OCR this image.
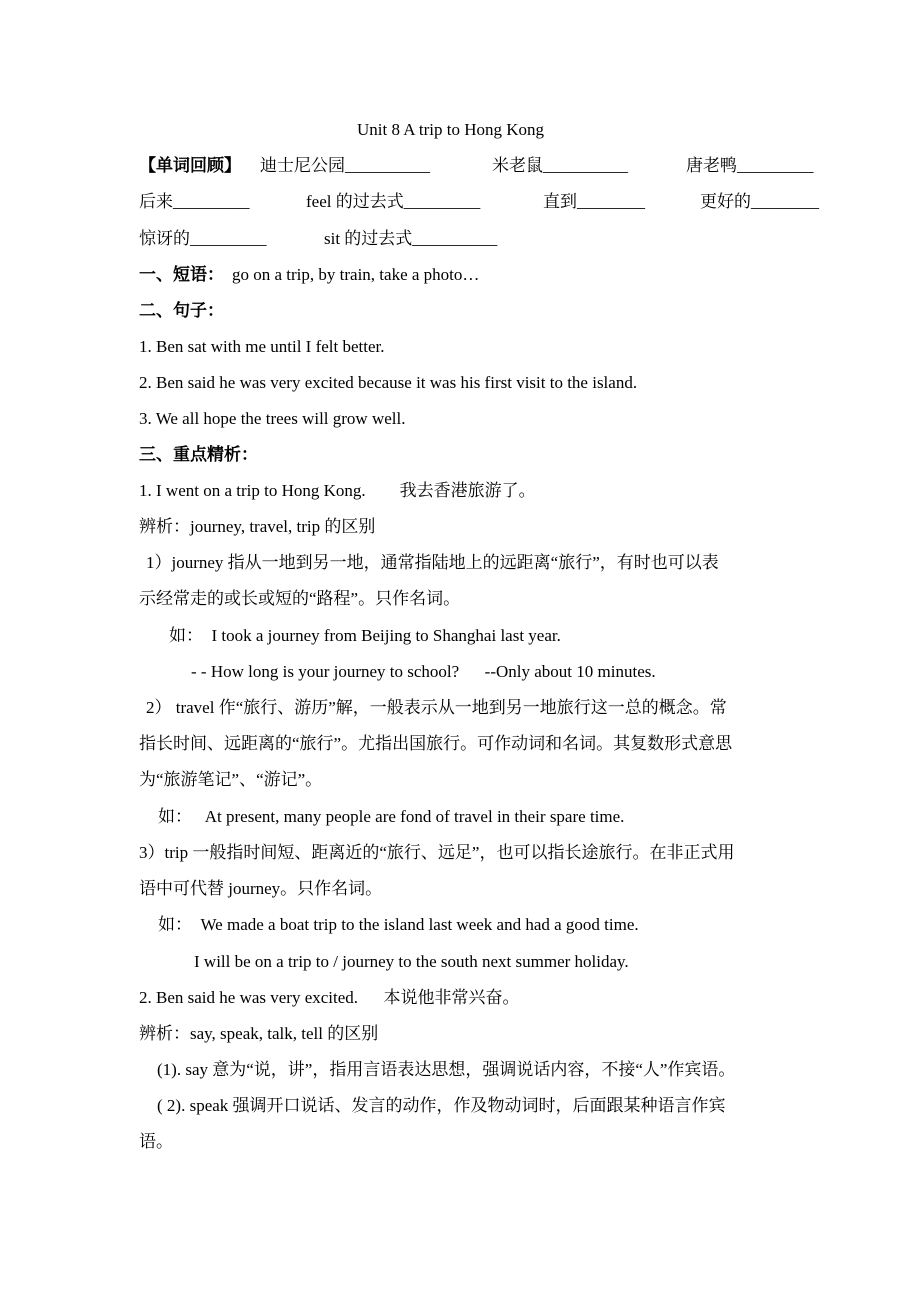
Unit 8 A trip to Hong Kong
【单词回顾】 迪士尼公园__________	米老鼠__________	唐老鸭_________
后来_________	feel 的过去式_________	直到________	更好的________
惊讶的_________	sit 的过去式__________
一、短语： go on a trip, by train, take a photo…
二、句子：
1. Ben sat with me until I felt better.
2. Ben said he was very excited because it was his first visit to the island.
3. We all hope the trees will grow well.
三、重点精析：
1. I went on a trip to Hong Kong.        我去香港旅游了。
辨析：journey, travel, trip 的区别
1）journey 指从一地到另一地，通常指陆地上的远距离“旅行”，有时也可以表
示经常走的或长或短的“路程”。只作名词。
如：  I took a journey from Beijing to Shanghai last year.
- - How long is your journey to school?      --Only about 10 minutes.
2） travel 作“旅行、游历”解，一般表示从一地到另一地旅行这一总的概念。常
指长时间、远距离的“旅行”。尤指出国旅行。可作动词和名词。其复数形式意思
为“旅游笔记”、“游记”。
如：   At present, many people are fond of travel in their spare time.
3）trip 一般指时间短、距离近的“旅行、远足”，也可以指长途旅行。在非正式用
语中可代替 journey。只作名词。
如：  We made a boat trip to the island last week and had a good time.
I will be on a trip to / journey to the south next summer holiday.
2. Ben said he was very excited.      本说他非常兴奋。
辨析：say, speak, talk, tell 的区别
(1). say 意为“说，讲”，指用言语表达思想，强调说话内容，不接“人”作宾语。
( 2). speak 强调开口说话、发言的动作，作及物动词时，后面跟某种语言作宾
语。
